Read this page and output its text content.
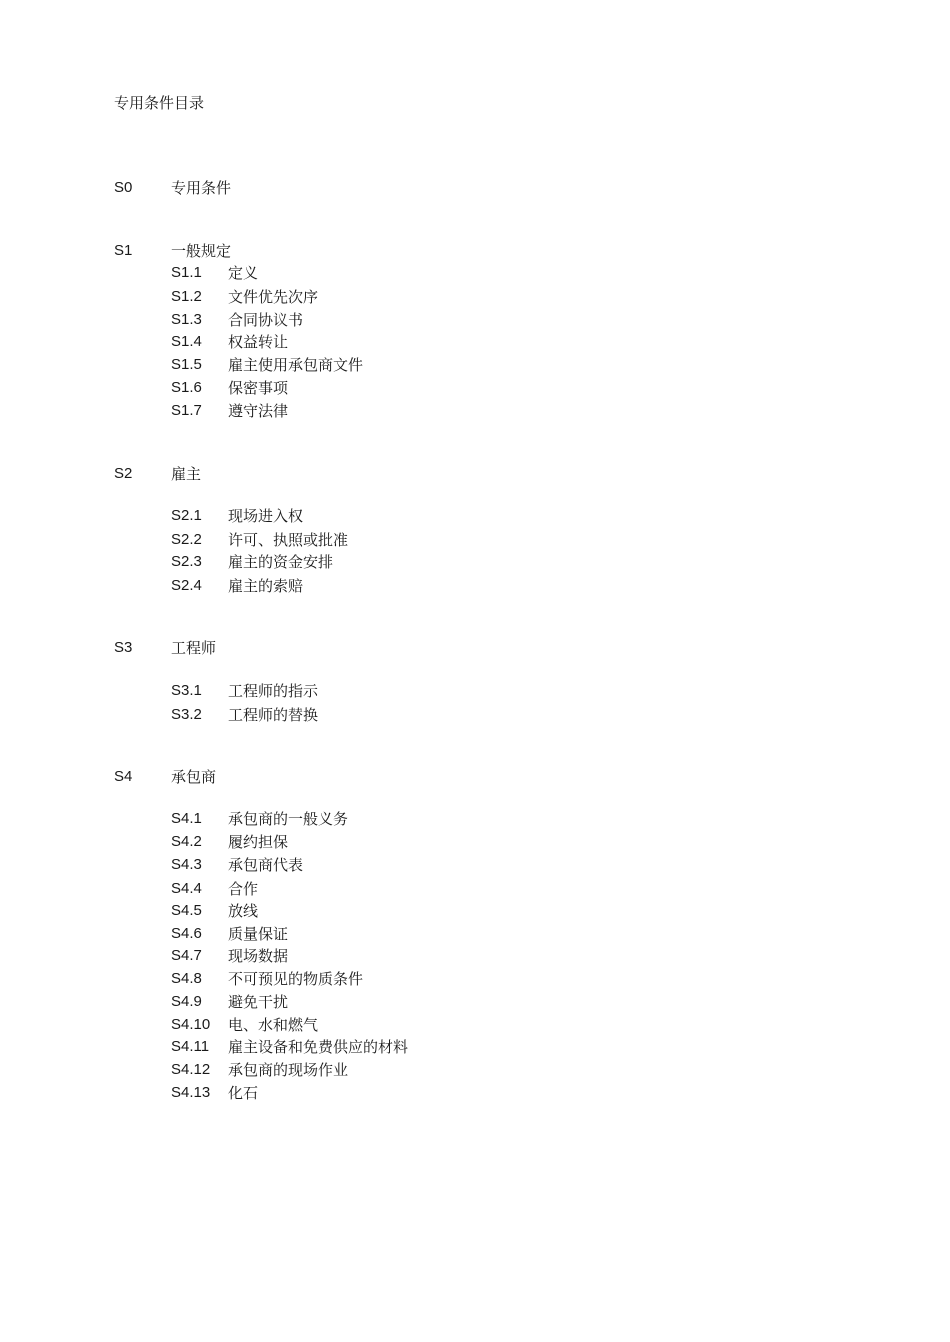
专用条件目录
S0	专用条件
S1	一般规定
S1.1 定义
S1.2 文件优先次序
S1.3 合同协议书
S1.4 权益转让
S1.5 雇主使用承包商文件
S1.6 保密事项
S1.7 遵守法律
S2	雇主
S2.1 现场进入权
S2.2 许可、执照或批准
S2.3 雇主的资金安排
S2.4 雇主的索赔
S3	工程师
S3.1 工程师的指示
S3.2 工程师的替换
S4	承包商
S4.1 承包商的一般义务
S4.2 履约担保
S4.3 承包商代表
S4.4 合作
S4.5 放线
S4.6 质量保证
S4.7 现场数据
S4.8 不可预见的物质条件
S4.9 避免干扰
S4.10 电、水和燃气
S4.11 雇主设备和免费供应的材料
S4.12 承包商的现场作业
S4.13 化石
